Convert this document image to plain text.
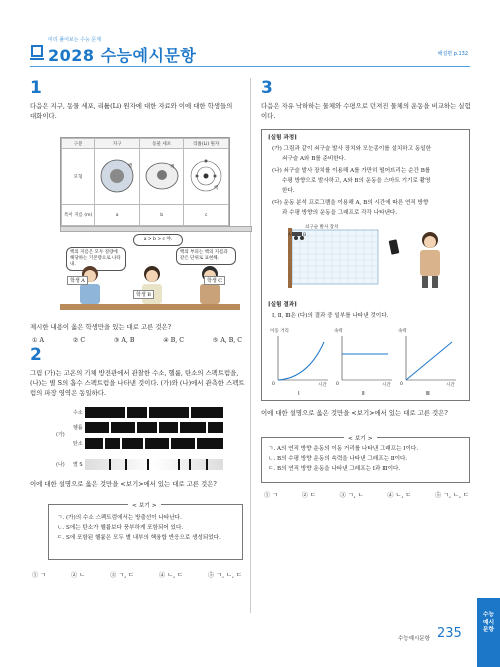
미리 풀어보는 수능 문제
2028 수능예시문항	해설편 p.132
1
다음은 지구, 동물 세포, 리튬(Li) 원자에 대한 자료와 이에 대한 학생들의 대화이다.
구분	지구	동물 세포	리튬(Li) 원자
모형	핵	핵	핵

특이 지름 (m)	a	b	c
핵의 지름은 모두 질량에 해당하는 기본량으로 나타내.
a > b > c 야.
핵의 부피는 핵의 지름과 같은 단위로 표현해.
학생 A
학생 B
학생 C
제시한 내용이 옳은 학생만을 있는 대로 고른 것은?
① A	② C	③ A, B	④ B, C	⑤ A, B, C
2
그림 (가)는 고온의 기체 방전관에서 관찰한 수소, 헬륨, 탄소의 스펙트럼을, (나)는 별 S의 흡수 스펙트럼을 나타낸 것이다. (가)와 (나)에서 관측한 스펙트럼의 파장 영역은 동일하다.
(가)
(나)
수소
헬륨
탄소
별 S
이에 대한 설명으로 옳은 것만을 <보기>에서 있는 대로 고른 것은?
< 보기 >
ㄱ. (가)의 수소 스펙트럼에서는 방출선이 나타난다.
ㄴ. S에는 탄소가 헬륨보다 풍부하게 포함되어 있다.
ㄷ. S에 포함된 헬륨은 모두 별 내부의 핵융합 반응으로 생성되었다.
① ㄱ	② ㄴ	③ ㄱ, ㄷ	④ ㄴ, ㄷ	⑤ ㄱ, ㄴ, ㄷ
3
다음은 자유 낙하하는 물체와 수평으로 던져진 물체의 운동을 비교하는 실험이다.
[실험 과정]
(가) 그림과 같이 쇠구슬 발사 장치와 모눈종이를 설치하고 동일한
쇠구슬 A와 B를 준비한다.
(나) 쇠구슬 발사 장치를 이용해 A를 가만히 떨어뜨리는 순간 B를
수평 방향으로 발사하고, A와 B의 운동을 스마트 기기로 촬영
한다.
(다) 운동 분석 프로그램을 이용해 A, B의 시간에 따른 연직 방향
과 수평 방향의 운동을 그래프로 각각 나타낸다.
쇠구슬 발사 장치
A	B
[실험 결과]
Ⅰ, Ⅱ, Ⅲ은 (다)의 결과 중 일부를 나타낸 것이다.
이동 거리	속력	속력
0	0	0
시간	시간	시간
Ⅰ	Ⅱ	Ⅲ
이에 대한 설명으로 옳은 것만을 <보기>에서 있는 대로 고른 것은?
< 보기 >
ㄱ. A의 연직 방향 운동의 이동 거리를 나타낸 그래프는 Ⅰ이다.
ㄴ. B의 수평 방향 운동의 속력을 나타낸 그래프는 Ⅱ이다.
ㄷ. B의 연직 방향 운동을 나타낸 그래프는 Ⅰ과 Ⅲ이다.
① ㄱ	② ㄷ	③ ㄱ, ㄴ	④ ㄴ, ㄷ	⑤ ㄱ, ㄴ, ㄷ
수능예시문항 235
수능
예시
문항
